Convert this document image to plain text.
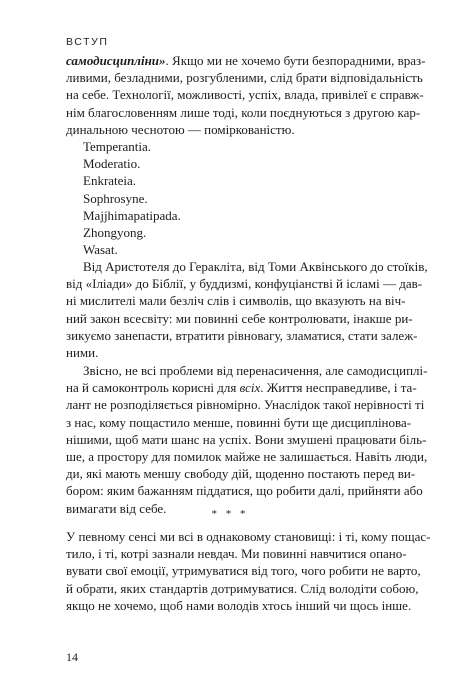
ВСТУП
самодисципліни». Якщо ми не хочемо бути безпорадними, враз-
ливими, безладними, розгубленими, слід брати відповідальність
на себе. Технології, можливості, успіх, влада, привілеї є справж-
нім благословенням лише тоді, коли поєднуються з другою кар-
динальною чеснотою — поміркованістю.
Temperantia.
Moderatio.
Enkrateia.
Sophrosyne.
Majjhimapatipada.
Zhongyong.
Wasat.
Від Аристотеля до Геракліта, від Томи Аквінського до стоїків,
від «Іліади» до Біблії, у буддизмі, конфуціанстві й ісламі — дав-
ні мислителі мали безліч слів і символів, що вказують на віч-
ний закон всесвіту: ми повинні себе контролювати, інакше ри-
зикуємо занепасти, втратити рівновагу, зламатися, стати залеж-
ними.
Звісно, не всі проблеми від перенасичення, але самодисциплі-
на й самоконтроль корисні для всіх. Життя несправедливе, і та-
лант не розподіляється рівномірно. Унаслідок такої нерівності ті
з нас, кому пощастило менше, повинні бути ще дисциплінова-
нішими, щоб мати шанс на успіх. Вони змушені працювати біль-
ше, а простору для помилок майже не залишається. Навіть люди,
ди, які мають меншу свободу дій, щоденно постають перед ви-
бором: яким бажанням піддатися, що робити далі, прийняти або
вимагати від себе.	* * *
У певному сенсі ми всі в однаковому становищі: і ті, кому пощас-
тило, і ті, котрі зазнали невдач. Ми повинні навчитися опано-
вувати свої емоції, утримуватися від того, чого робити не варто,
й обрати, яких стандартів дотримуватися. Слід володіти собою,
якщо не хочемо, щоб нами володів хтось інший чи щось інше.
14
